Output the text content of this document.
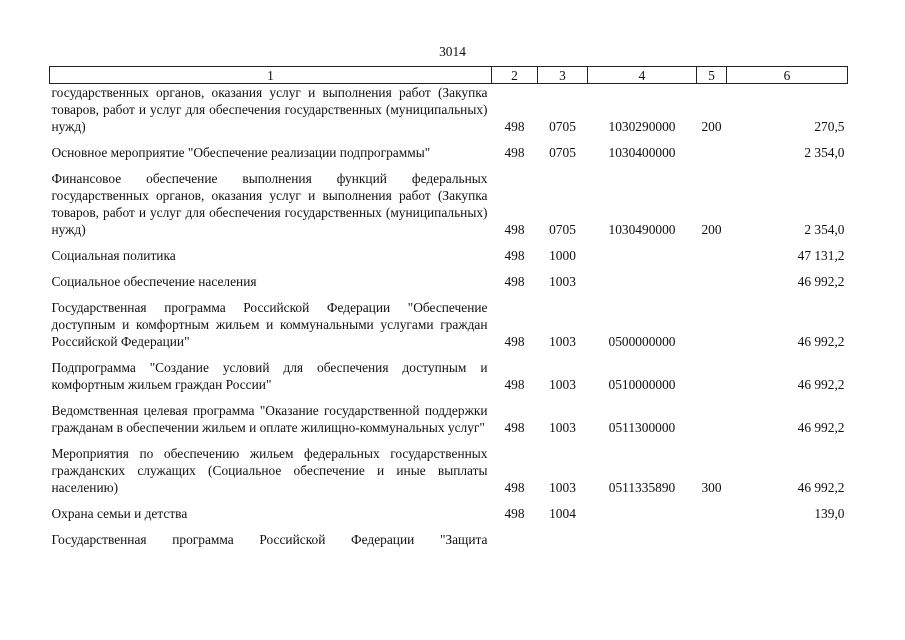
3014
1	2	3	4	5	6
государственных органов, оказания услуг и выполнения работ (Закупка товаров, работ и услуг для обеспечения государственных (муниципальных) нужд)	498	0705	1030290000	200	270,5
Основное мероприятие "Обеспечение реализации подпрограммы"	498	0705	1030400000		2 354,0
Финансовое обеспечение выполнения функций федеральных государственных органов, оказания услуг и выполнения работ (Закупка товаров, работ и услуг для обеспечения государственных (муниципальных) нужд)	498	0705	1030490000	200	2 354,0
Социальная политика	498	1000			47 131,2
Социальное обеспечение населения	498	1003			46 992,2
Государственная программа Российской Федерации "Обеспечение доступным и комфортным жильем и коммунальными услугами граждан Российской Федерации"	498	1003	0500000000		46 992,2
Подпрограмма "Создание условий для обеспечения доступным и комфортным жильем граждан России"	498	1003	0510000000		46 992,2
Ведомственная целевая программа "Оказание государственной поддержки гражданам в обеспечении жильем и оплате жилищно-коммунальных услуг"	498	1003	0511300000		46 992,2
Мероприятия по обеспечению жильем федеральных государственных гражданских служащих (Социальное обеспечение и иные выплаты населению)	498	1003	0511335890	300	46 992,2
Охрана семьи и детства	498	1004			139,0
Государственная программа Российской Федерации "Защита					
